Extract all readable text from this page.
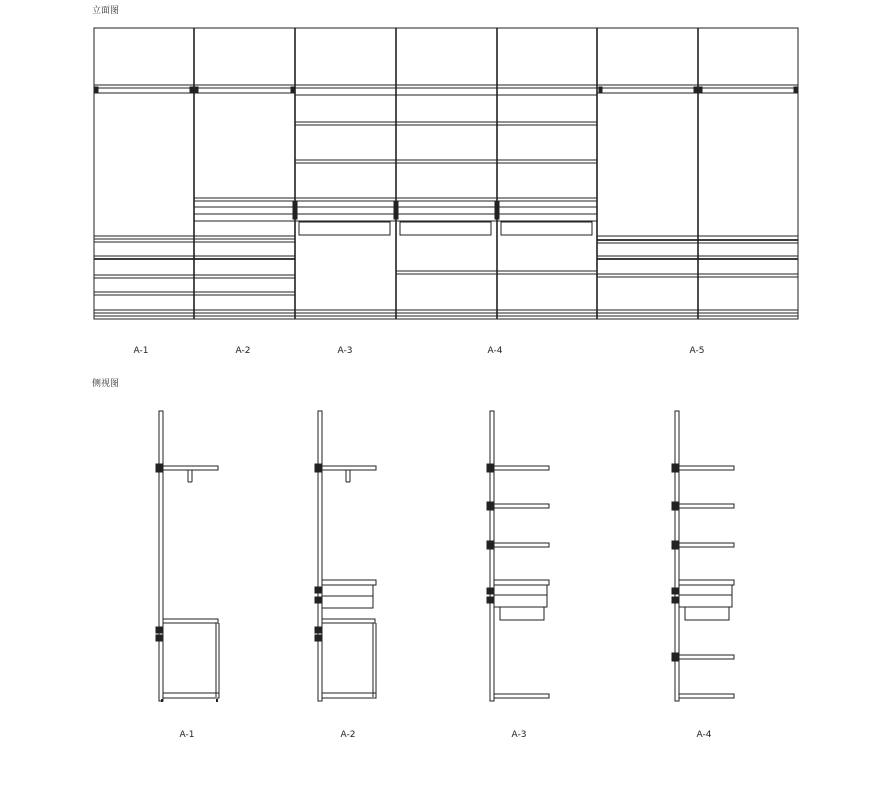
立面图
侧视图
A-1	A-2	A-3	A-4	A-5
A-1	A-2	A-3	A-4
